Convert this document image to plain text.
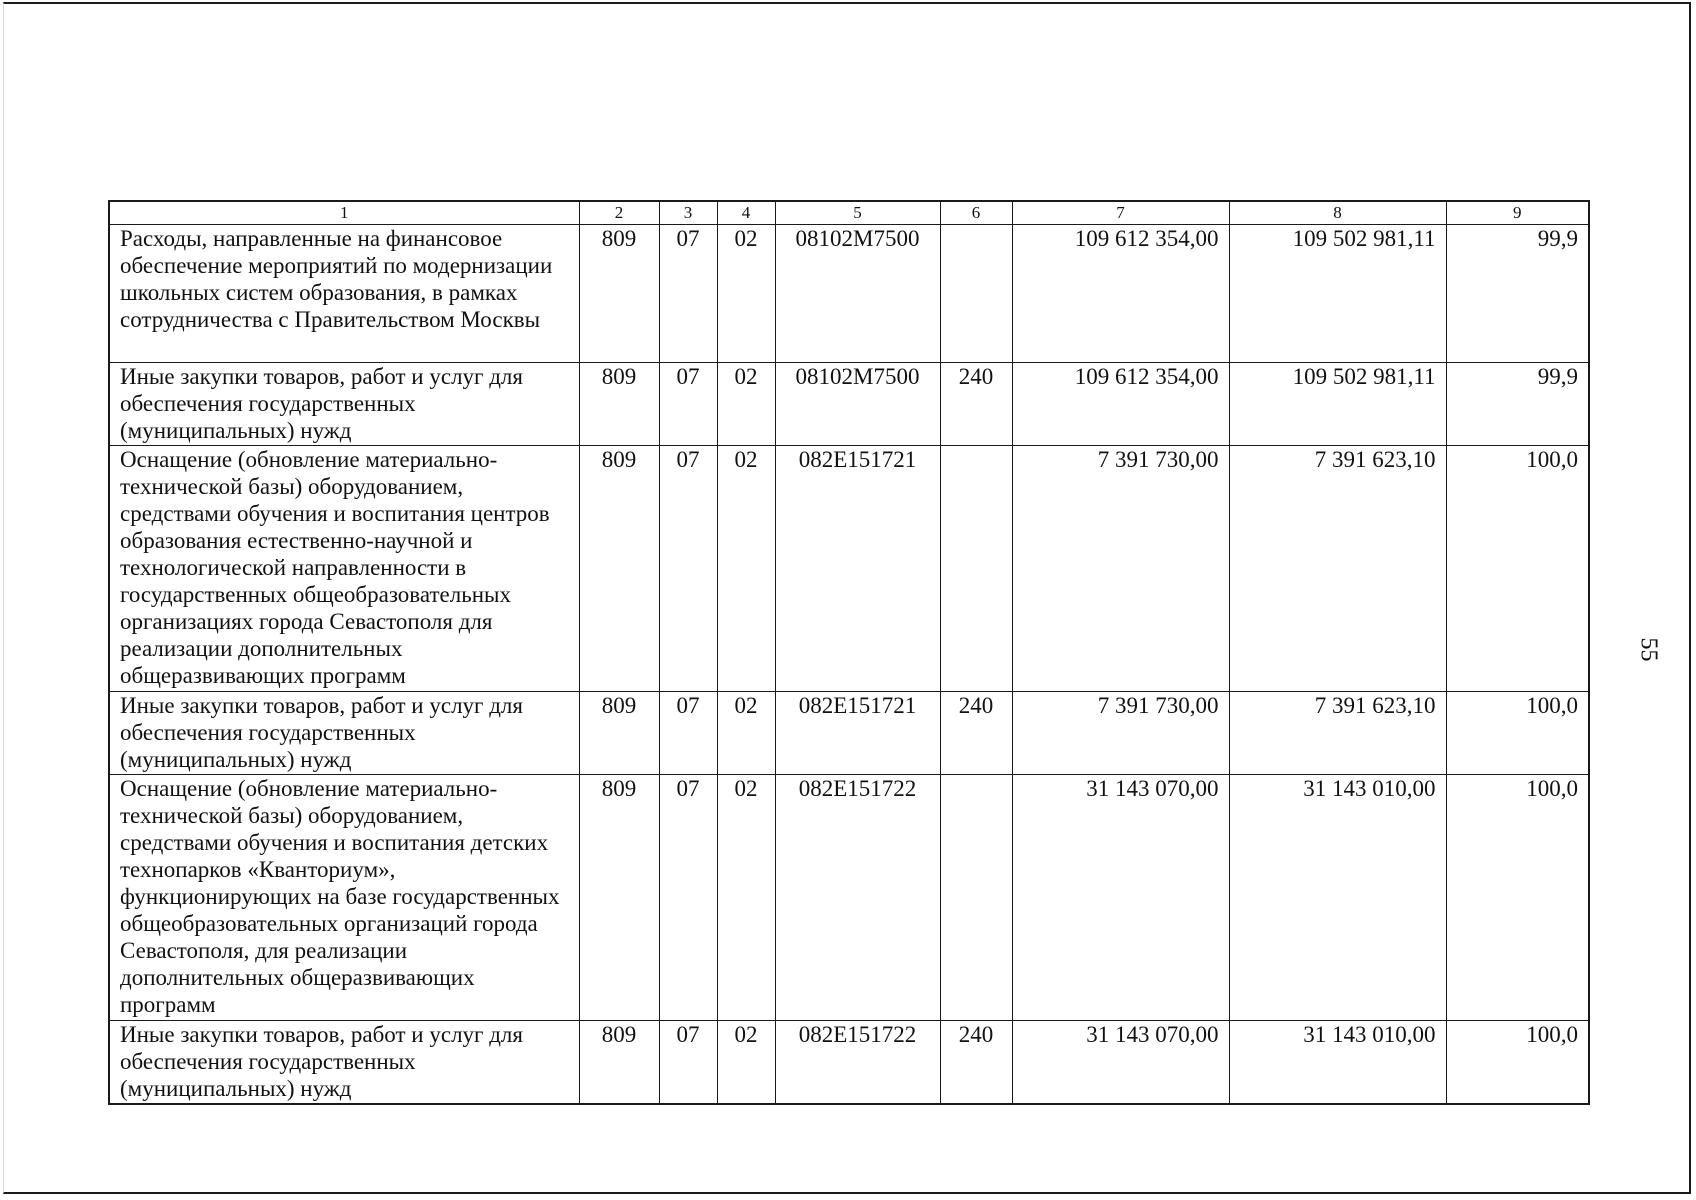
1	2	3	4	5	6	7	8	9
Расходы, направленные на финансовое обеспечение мероприятий по модернизации школьных систем образования, в рамках сотрудничества с Правительством Москвы	809	07	02	08102M7500		109 612 354,00	109 502 981,11	99,9
Иные закупки товаров, работ и услуг для обеспечения государственных (муниципальных) нужд	809	07	02	08102M7500	240	109 612 354,00	109 502 981,11	99,9
Оснащение (обновление материально-технической базы) оборудованием, средствами обучения и воспитания центров образования естественно-научной и технологической направленности в государственных общеобразовательных организациях города Севастополя для реализации дополнительных общеразвивающих программ	809	07	02	082E151721		7 391 730,00	7 391 623,10	100,0
Иные закупки товаров, работ и услуг для обеспечения государственных (муниципальных) нужд	809	07	02	082E151721	240	7 391 730,00	7 391 623,10	100,0
Оснащение (обновление материально-технической базы) оборудованием, средствами обучения и воспитания детских технопарков «Кванториум», функционирующих на базе государственных общеобразовательных организаций города Севастополя, для реализации дополнительных общеразвивающих программ	809	07	02	082E151722		31 143 070,00	31 143 010,00	100,0
Иные закупки товаров, работ и услуг для обеспечения государственных (муниципальных) нужд	809	07	02	082E151722	240	31 143 070,00	31 143 010,00	100,0
55
